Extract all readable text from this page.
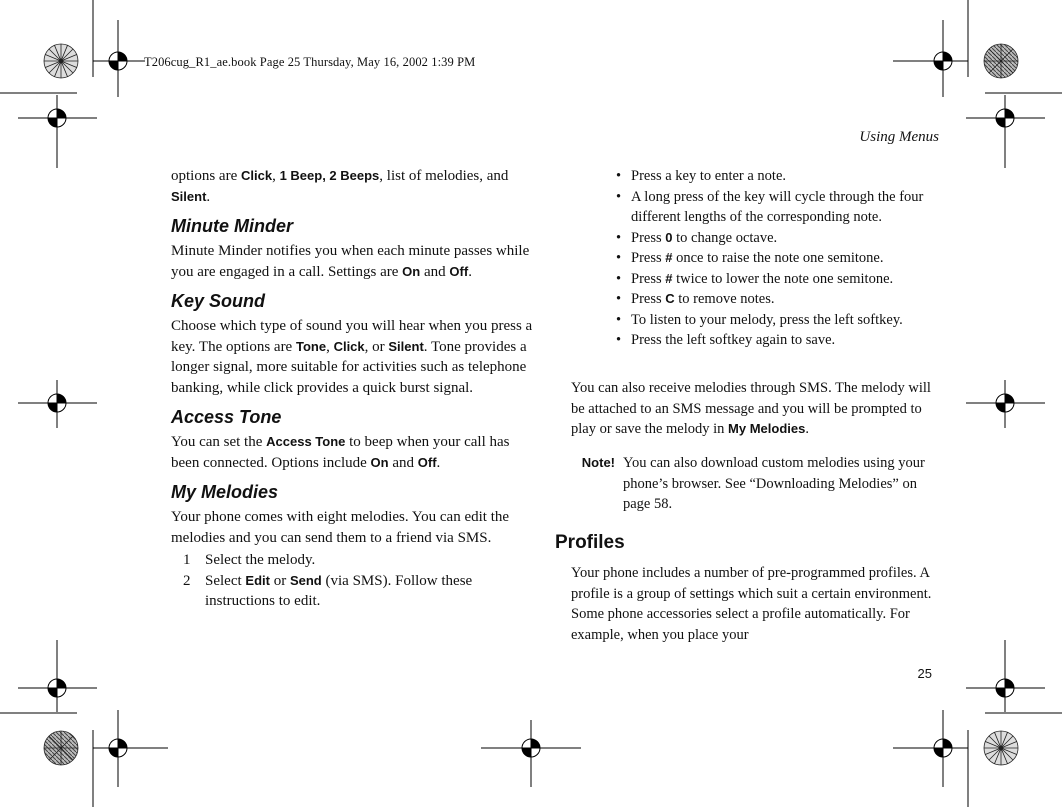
T206cug_R1_ae.book Page 25 Thursday, May 16, 2002 1:39 PM
Using Menus
25

options are Click, 1 Beep, 2 Beeps, list of melodies, and Silent.

Minute Minder

Minute Minder notifies you when each minute passes while you are engaged in a call. Settings are On and Off.

Key Sound

Choose which type of sound you will hear when you press a key. The options are Tone, Click, or Silent. Tone provides a longer signal, more suitable for activities such as telephone banking, while click provides a quick burst signal.

Access Tone

You can set the Access Tone to beep when your call has been connected. Options include On and Off.

My Melodies

Your phone comes with eight melodies. You can edit the melodies and you can send them to a friend via SMS.

1 Select the melody.
2 Select Edit or Send (via SMS). Follow these instructions to edit.
• Press a key to enter a note.
• A long press of the key will cycle through the four different lengths of the corresponding note.
• Press 0 to change octave.
• Press # once to raise the note one semitone.
• Press # twice to lower the note one semitone.
• Press C to remove notes.
• To listen to your melody, press the left softkey.
• Press the left softkey again to save.

You can also receive melodies through SMS. The melody will be attached to an SMS message and you will be prompted to play or save the melody in My Melodies.

Note! You can also download custom melodies using your phone’s browser. See “Downloading Melodies” on page 58.

Profiles

Your phone includes a number of pre-programmed profiles. A profile is a group of settings which suit a certain environment. Some phone accessories select a profile automatically. For example, when you place your
